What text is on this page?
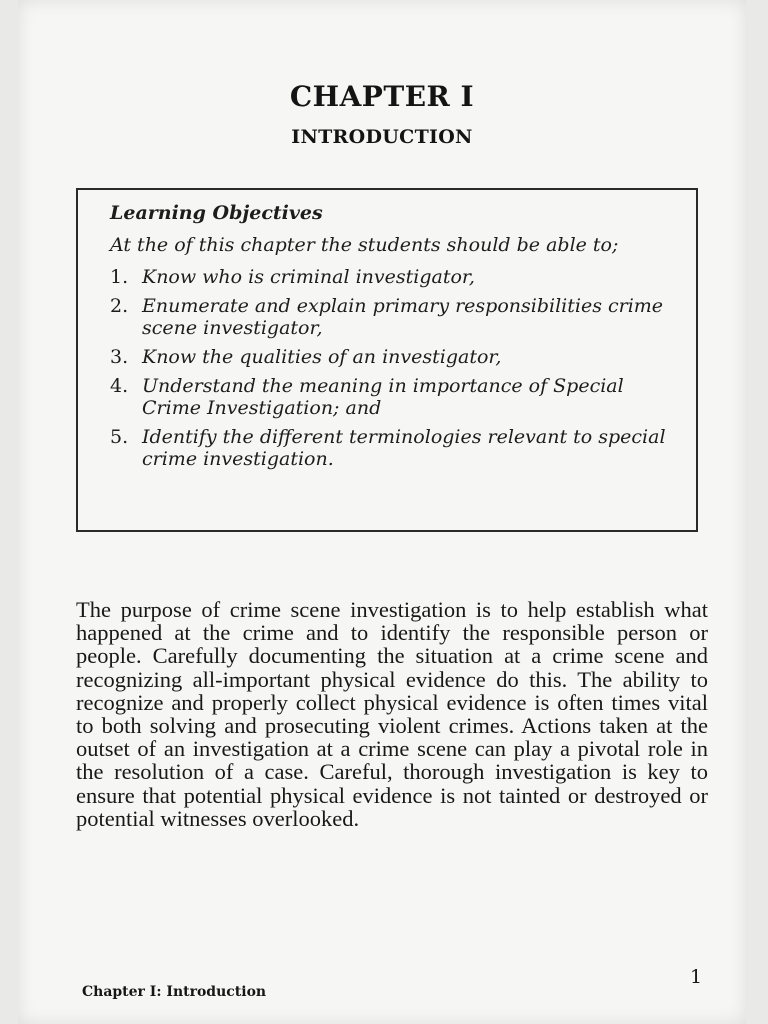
CHAPTER I
INTRODUCTION
Learning Objectives
At the of this chapter the students should be able to;
1. Know who is criminal investigator,
2. Enumerate and explain primary responsibilities crime scene investigator,
3. Know the qualities of an investigator,
4. Understand the meaning in importance of Special Crime Investigation; and
5. Identify the different terminologies relevant to special crime investigation.

The purpose of crime scene investigation is to help establish what happened at the crime and to identify the responsible person or people. Carefully documenting the situation at a crime scene and recognizing all-important physical evidence do this. The ability to recognize and properly collect physical evidence is often times vital to both solving and prosecuting violent crimes. Actions taken at the outset of an investigation at a crime scene can play a pivotal role in the resolution of a case. Careful, thorough investigation is key to ensure that potential physical evidence is not tainted or destroyed or potential witnesses overlooked.

Chapter I: Introduction
1
